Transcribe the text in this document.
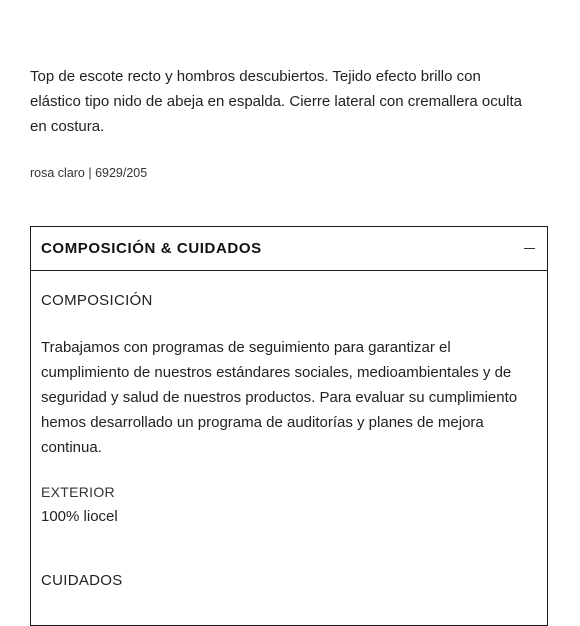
Top de escote recto y hombros descubiertos. Tejido efecto brillo con elástico tipo nido de abeja en espalda. Cierre lateral con cremallera oculta en costura.

rosa claro | 6929/205

COMPOSICIÓN & CUIDADOS

COMPOSICIÓN

Trabajamos con programas de seguimiento para garantizar el cumplimiento de nuestros estándares sociales, medioambientales y de seguridad y salud de nuestros productos. Para evaluar su cumplimiento hemos desarrollado un programa de auditorías y planes de mejora continua.

EXTERIOR

100% liocel

CUIDADOS
